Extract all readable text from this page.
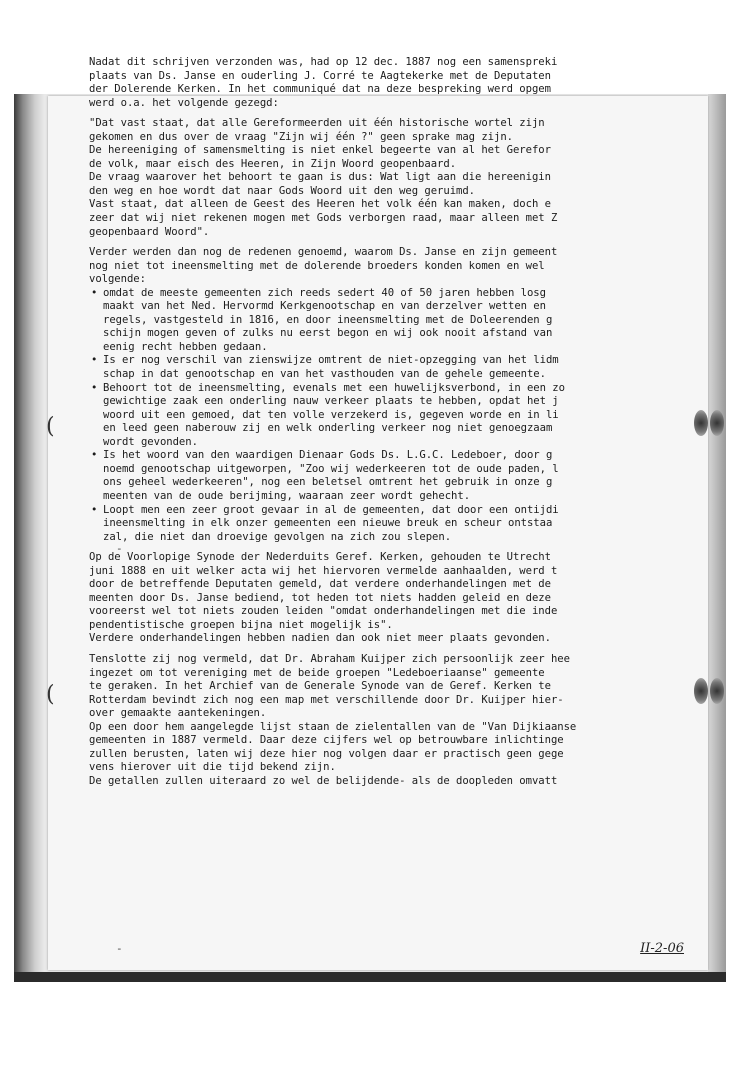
(
(
-
-	II-2-06

Nadat dit schrijven verzonden was, had op 12 dec. 1887 nog een samenspreki

plaats van Ds. Janse en ouderling J. Corré te Aagtekerke met de Deputaten

der Dolerende Kerken. In het communiqué dat na deze bespreking werd opgem

werd o.a. het volgende gezegd:

"Dat vast staat, dat alle Gereformeerden uit één historische wortel zijn

gekomen en dus over de vraag "Zijn wij één ?" geen sprake mag zijn.

De hereeniging of samensmelting is niet enkel begeerte van al het Gerefor

de volk, maar eisch des Heeren, in Zijn Woord geopenbaard.

De vraag waarover het behoort te gaan is dus: Wat ligt aan die hereenigin

den weg en hoe wordt dat naar Gods Woord uit den weg geruimd.

Vast staat, dat alleen de Geest des Heeren het volk één kan maken, doch e

zeer dat wij niet rekenen mogen met Gods verborgen raad, maar alleen met Z

geopenbaard Woord".

Verder werden dan nog de redenen genoemd, waarom Ds. Janse en zijn gemeent

nog niet tot ineensmelting met de dolerende broeders konden komen en wel

volgende:

• omdat de meeste gemeenten zich reeds sedert 40 of 50 jaren hebben losg

maakt van het Ned. Hervormd Kerkgenootschap en van derzelver wetten en

regels, vastgesteld in 1816, en door ineensmelting met de Doleerenden g

schijn mogen geven of zulks nu eerst begon en wij ook nooit afstand van

eenig recht hebben gedaan.

• Is er nog verschil van zienswijze omtrent de niet-opzegging van het lidm

schap in dat genootschap en van het vasthouden van de gehele gemeente.

• Behoort tot de ineensmelting, evenals met een huwelijksverbond, in een zo

gewichtige zaak een onderling nauw verkeer plaats te hebben, opdat het j

woord uit een gemoed, dat ten volle verzekerd is, gegeven worde en in li

en leed geen naberouw zij en welk onderling verkeer nog niet genoegzaam

wordt gevonden.

• Is het woord van den waardigen Dienaar Gods Ds. L.G.C. Ledeboer, door g

noemd genootschap uitgeworpen, "Zoo wij wederkeeren tot de oude paden, l

ons geheel wederkeeren", nog een beletsel omtrent het gebruik in onze g

meenten van de oude berijming, waaraan zeer wordt gehecht.

• Loopt men een zeer groot gevaar in al de gemeenten, dat door een ontijdi

ineensmelting in elk onzer gemeenten een nieuwe breuk en scheur ontstaa

zal, die niet dan droevige gevolgen na zich zou slepen.

Op de Voorlopige Synode der Nederduits Geref. Kerken, gehouden te Utrecht

juni 1888 en uit welker acta wij het hiervoren vermelde aanhaalden, werd t

door de betreffende Deputaten gemeld, dat verdere onderhandelingen met de

meenten door Ds. Janse bediend, tot heden tot niets hadden geleid en deze

vooreerst wel tot niets zouden leiden "omdat onderhandelingen met die inde

pendentistische groepen bijna niet mogelijk is".

Verdere onderhandelingen hebben nadien dan ook niet meer plaats gevonden.

Tenslotte zij nog vermeld, dat Dr. Abraham Kuijper zich persoonlijk zeer hee

ingezet om tot vereniging met de beide groepen "Ledeboeriaanse" gemeente

te geraken. In het Archief van de Generale Synode van de Geref. Kerken te

Rotterdam bevindt zich nog een map met verschillende door Dr. Kuijper hier-

over gemaakte aantekeningen.

Op een door hem aangelegde lijst staan de zielentallen van de "Van Dijkiaanse

gemeenten in 1887 vermeld. Daar deze cijfers wel op betrouwbare inlichtinge

zullen berusten, laten wij deze hier nog volgen daar er practisch geen gege

vens hierover uit die tijd bekend zijn.

De getallen zullen uiteraard zo wel de belijdende- als de doopleden omvatt
